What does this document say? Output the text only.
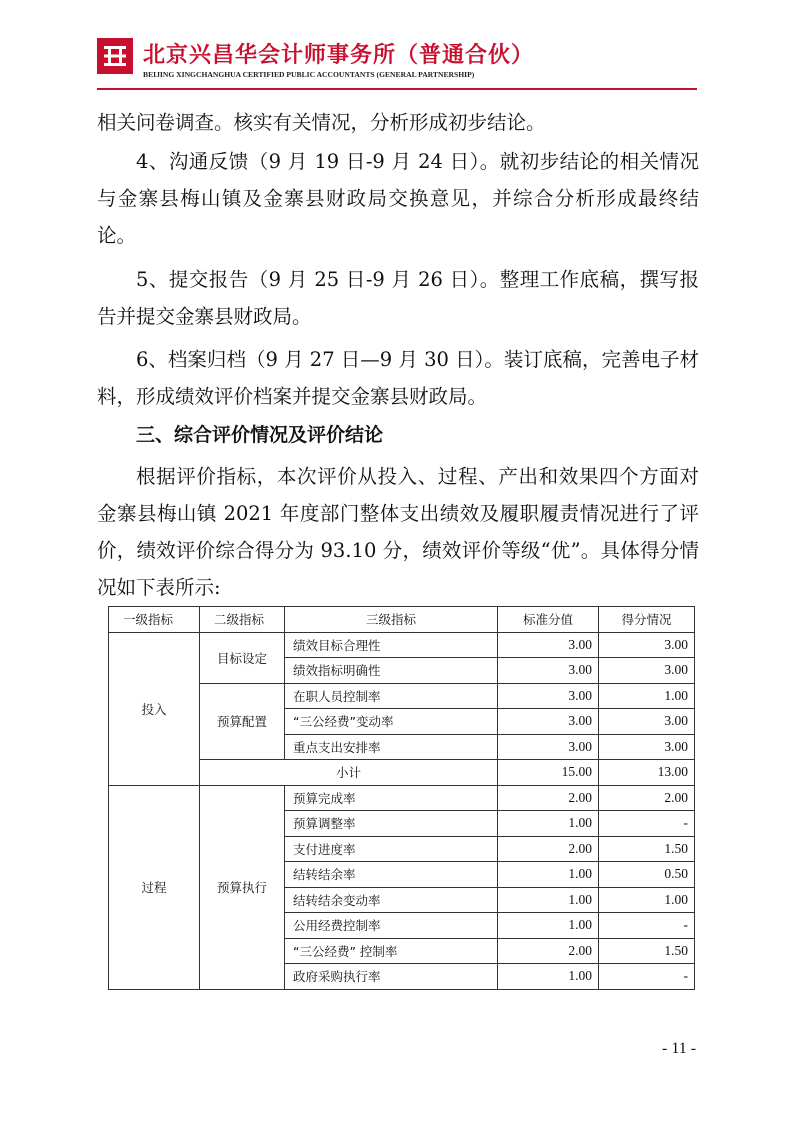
北京兴昌华会计师事务所（普通合伙）
BEIJING XINGCHANGHUA CERTIFIED PUBLIC ACCOUNTANTS (GENERAL PARTNERSHIP)

相关问卷调查。核实有关情况，分析形成初步结论。

4、沟通反馈（9 月 19 日-9 月 24 日）。就初步结论的相关情况与金寨县梅山镇及金寨县财政局交换意见，并综合分析形成最终结论。

5、提交报告（9 月 25 日-9 月 26 日）。整理工作底稿，撰写报告并提交金寨县财政局。

6、档案归档（9 月 27 日—9 月 30 日）。装订底稿，完善电子材料，形成绩效评价档案并提交金寨县财政局。

三、综合评价情况及评价结论

根据评价指标，本次评价从投入、过程、产出和效果四个方面对金寨县梅山镇 2021 年度部门整体支出绩效及履职履责情况进行了评价，绩效评价综合得分为 93.10 分，绩效评价等级“优”。具体得分情况如下表所示:

一级指标	二级指标	三级指标	标准分值	得分情况
投入	目标设定	绩效目标合理性	3.00	3.00
		绩效指标明确性	3.00	3.00
	预算配置	在职人员控制率	3.00	1.00
		“三公经费”变动率	3.00	3.00
		重点支出安排率	3.00	3.00
	小计		15.00	13.00
过程	预算执行	预算完成率	2.00	2.00
		预算调整率	1.00	-
		支付进度率	2.00	1.50
		结转结余率	1.00	0.50
		结转结余变动率	1.00	1.00
		公用经费控制率	1.00	-
		“三公经费” 控制率	2.00	1.50
		政府采购执行率	1.00	-
- 11 -
